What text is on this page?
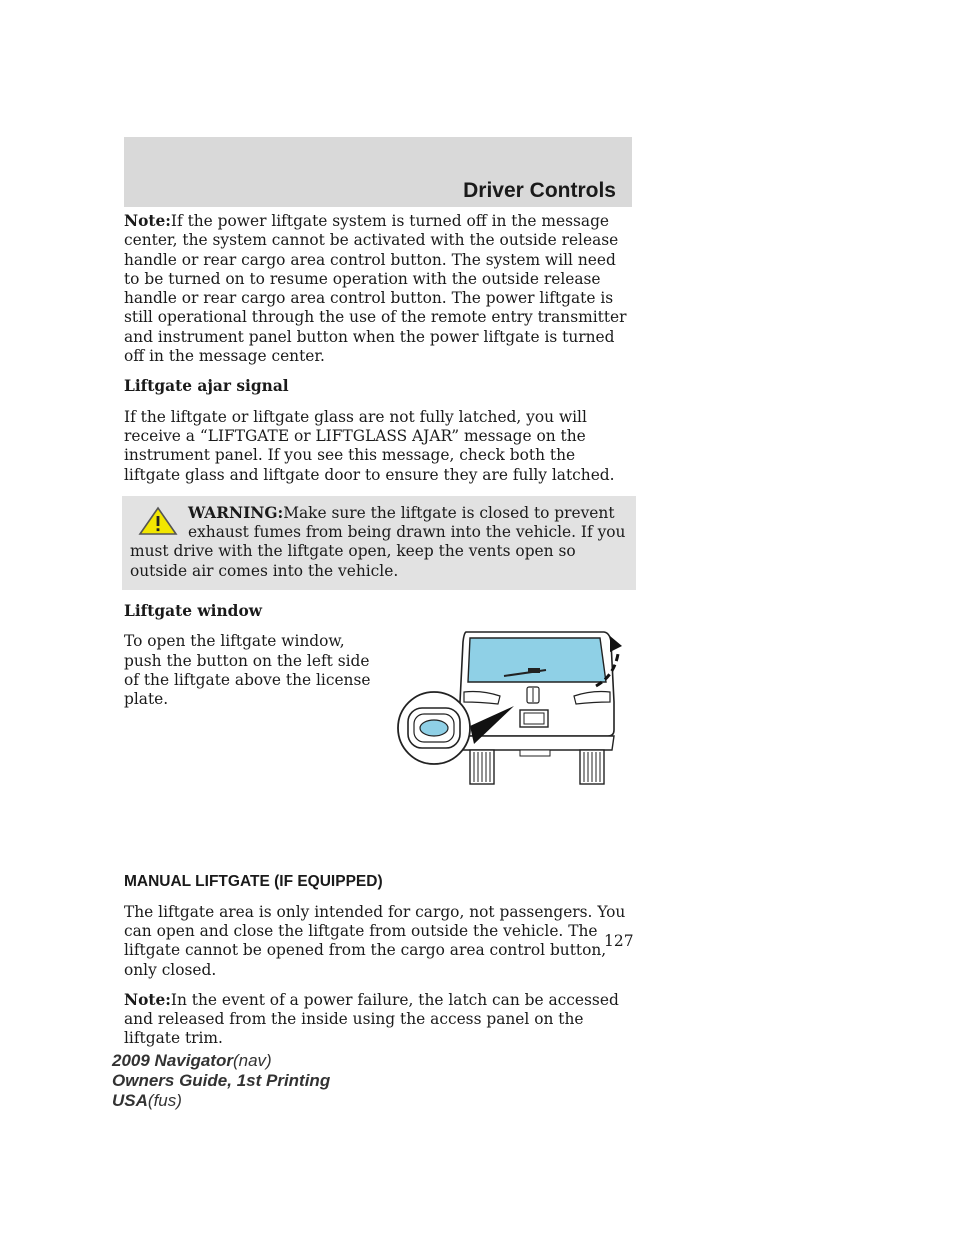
Driver Controls

Note:If the power liftgate system is turned off in the message center, the system cannot be activated with the outside release handle or rear cargo area control button. The system will need to be turned on to resume operation with the outside release handle or rear cargo area control button. The power liftgate is still operational through the use of the remote entry transmitter and instrument panel button when the power liftgate is turned off in the message center.

Liftgate ajar signal

If the liftgate or liftgate glass are not fully latched, you will receive a “LIFTGATE or LIFTGLASS AJAR” message on the instrument panel. If you see this message, check both the liftgate glass and liftgate door to ensure they are fully latched.

WARNING:Make sure the liftgate is closed to prevent exhaust fumes from being drawn into the vehicle. If you must drive with the liftgate open, keep the vents open so outside air comes into the vehicle.
Liftgate window

To open the liftgate window, push the button on the left side of the liftgate above the license plate.

MANUAL LIFTGATE (IF EQUIPPED)

The liftgate area is only intended for cargo, not passengers. You can open and close the liftgate from outside the vehicle. The liftgate cannot be opened from the cargo area control button, only closed.

Note:In the event of a power failure, the latch can be accessed and released from the inside using the access panel on the liftgate trim.

127
2009 Navigator(nav)
Owners Guide, 1st Printing
USA(fus)
